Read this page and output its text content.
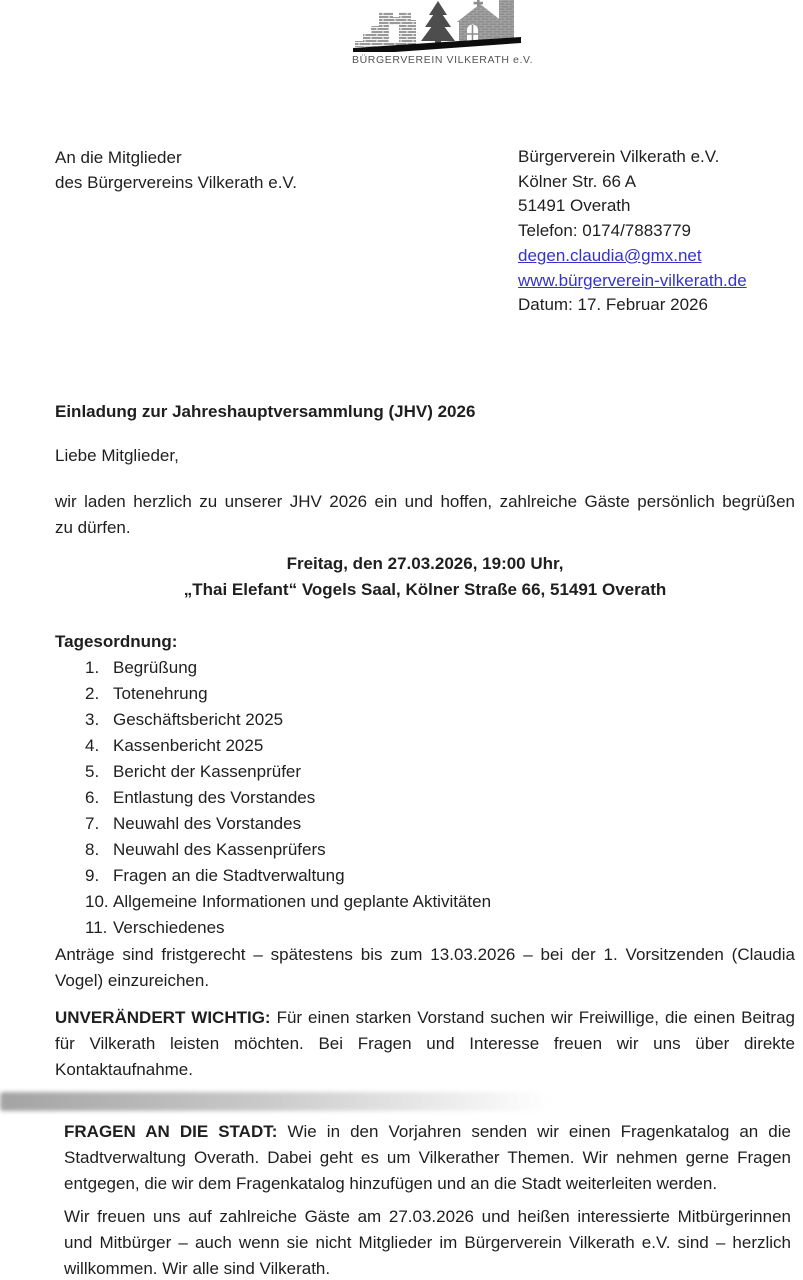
BÜRGERVEREIN VILKERATH e.V.
An die Mitglieder
des Bürgervereins Vilkerath e.V.
Bürgerverein Vilkerath e.V.
Kölner Str. 66 A
51491 Overath
Telefon: 0174/7883779
degen.claudia@gmx.net
www.bürgerverein-vilkerath.de
Datum: 17. Februar 2026
Einladung zur Jahreshauptversammlung (JHV) 2026
Liebe Mitglieder,
wir laden herzlich zu unserer JHV 2026 ein und hoffen, zahlreiche Gäste persönlich begrüßen
zu dürfen.
Freitag, den 27.03.2026, 19:00 Uhr,
„Thai Elefant“ Vogels Saal, Kölner Straße 66, 51491 Overath
Tagesordnung:
1. Begrüßung
2. Totenehrung
3. Geschäftsbericht 2025
4. Kassenbericht 2025
5. Bericht der Kassenprüfer
6. Entlastung des Vorstandes
7. Neuwahl des Vorstandes
8. Neuwahl des Kassenprüfers
9. Fragen an die Stadtverwaltung
10. Allgemeine Informationen und geplante Aktivitäten
11. Verschiedenes
Anträge sind fristgerecht – spätestens bis zum 13.03.2026 – bei der 1. Vorsitzenden (Claudia
Vogel) einzureichen.
UNVERÄNDERT WICHTIG: Für einen starken Vorstand suchen wir Freiwillige, die einen Beitrag
für Vilkerath leisten möchten. Bei Fragen und Interesse freuen wir uns über direkte
Kontaktaufnahme.
FRAGEN AN DIE STADT: Wie in den Vorjahren senden wir einen Fragenkatalog an die
Stadtverwaltung Overath. Dabei geht es um Vilkerather Themen. Wir nehmen gerne Fragen
entgegen, die wir dem Fragenkatalog hinzufügen und an die Stadt weiterleiten werden.
Wir freuen uns auf zahlreiche Gäste am 27.03.2026 und heißen interessierte Mitbürgerinnen
und Mitbürger – auch wenn sie nicht Mitglieder im Bürgerverein Vilkerath e.V. sind – herzlich
willkommen. Wir alle sind Vilkerath.
